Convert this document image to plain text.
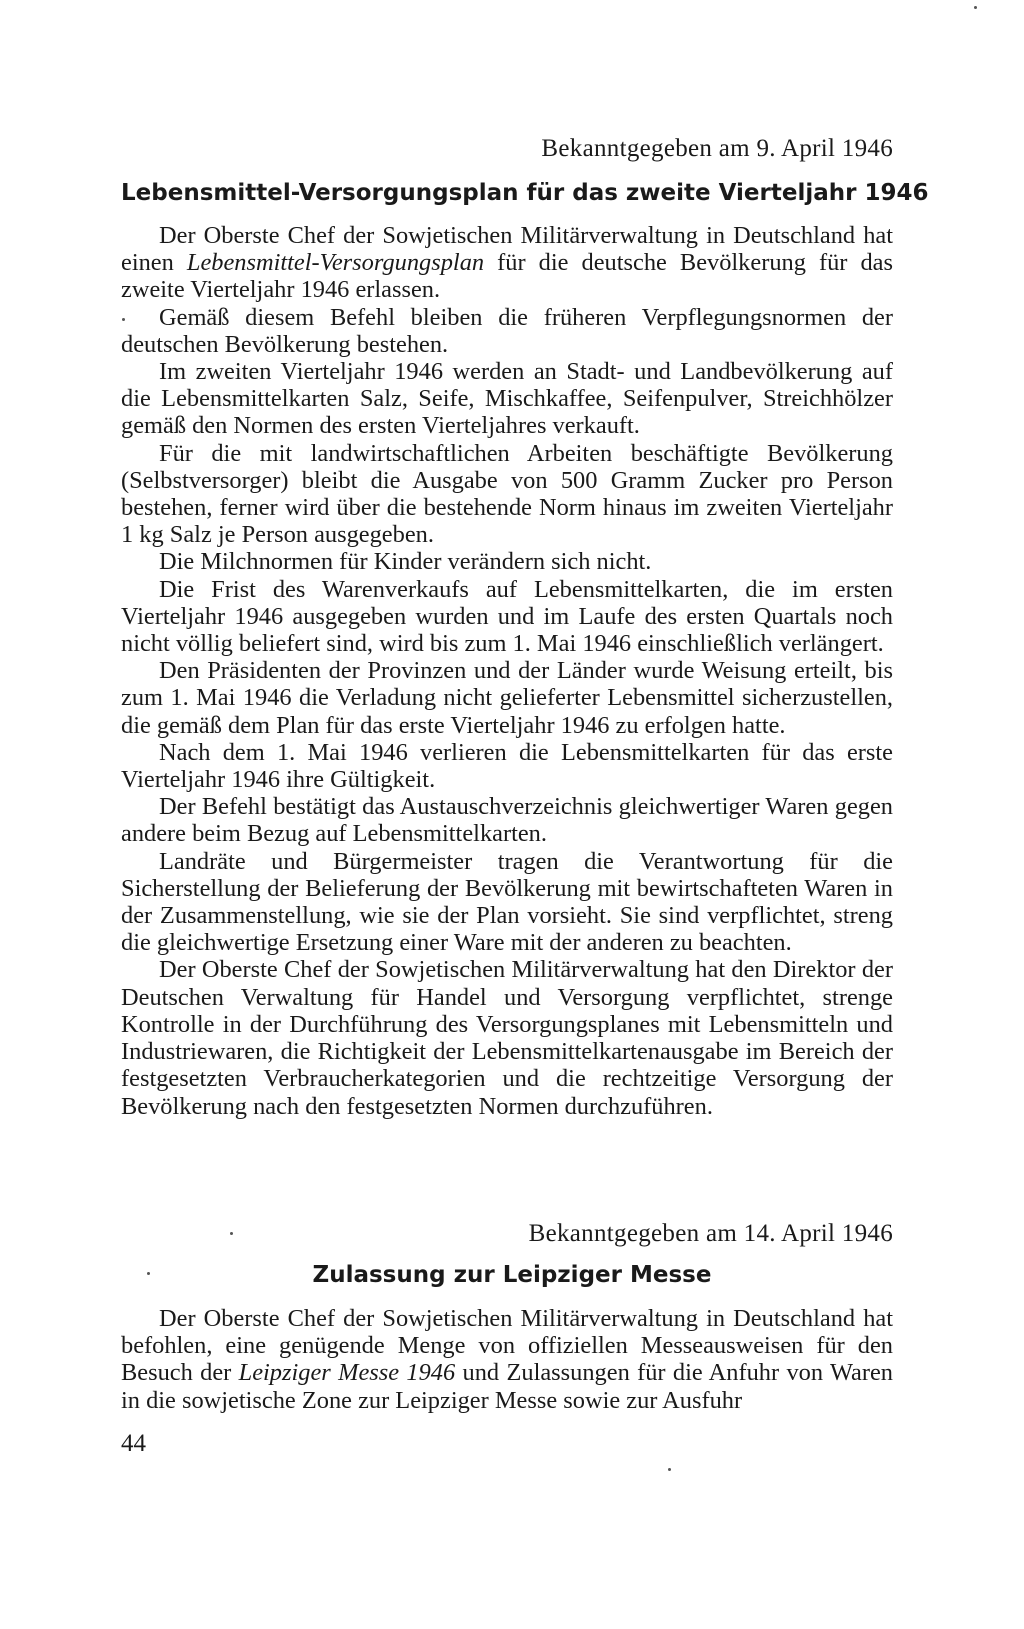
Bekanntgegeben am 9. April 1946
Lebensmittel-Versorgungsplan für das zweite Vierteljahr 1946

Der Oberste Chef der Sowjetischen Militärverwaltung in Deutschland hat einen Lebensmittel-Versorgungsplan für die deutsche Bevölkerung für das zweite Vierteljahr 1946 erlassen.

Gemäß diesem Befehl bleiben die früheren Verpflegungsnormen der deutschen Bevölkerung bestehen.

Im zweiten Vierteljahr 1946 werden an Stadt- und Landbevölkerung auf die Lebensmittelkarten Salz, Seife, Mischkaffee, Seifenpulver, Streichhölzer gemäß den Normen des ersten Vierteljahres verkauft.

Für die mit landwirtschaftlichen Arbeiten beschäftigte Bevölkerung (Selbstversorger) bleibt die Ausgabe von 500 Gramm Zucker pro Person bestehen, ferner wird über die bestehende Norm hinaus im zweiten Vierteljahr 1 kg Salz je Person ausgegeben.

Die Milchnormen für Kinder verändern sich nicht.

Die Frist des Warenverkaufs auf Lebensmittelkarten, die im ersten Vierteljahr 1946 ausgegeben wurden und im Laufe des ersten Quartals noch nicht völlig beliefert sind, wird bis zum 1. Mai 1946 einschließlich verlängert.

Den Präsidenten der Provinzen und der Länder wurde Weisung erteilt, bis zum 1. Mai 1946 die Verladung nicht gelieferter Lebensmittel sicherzustellen, die gemäß dem Plan für das erste Vierteljahr 1946 zu erfolgen hatte.

Nach dem 1. Mai 1946 verlieren die Lebensmittelkarten für das erste Vierteljahr 1946 ihre Gültigkeit.

Der Befehl bestätigt das Austauschverzeichnis gleichwertiger Waren gegen andere beim Bezug auf Lebensmittelkarten.

Landräte und Bürgermeister tragen die Verantwortung für die Sicherstellung der Belieferung der Bevölkerung mit bewirtschafteten Waren in der Zusammenstellung, wie sie der Plan vorsieht. Sie sind verpflichtet, streng die gleichwertige Ersetzung einer Ware mit der anderen zu beachten.

Der Oberste Chef der Sowjetischen Militärverwaltung hat den Direktor der Deutschen Verwaltung für Handel und Versorgung verpflichtet, strenge Kontrolle in der Durchführung des Versorgungsplanes mit Lebensmitteln und Industriewaren, die Richtigkeit der Lebensmittelkartenausgabe im Bereich der festgesetzten Verbraucherkategorien und die rechtzeitige Versorgung der Bevölkerung nach den festgesetzten Normen durchzuführen.

Bekanntgegeben am 14. April 1946
Zulassung zur Leipziger Messe

Der Oberste Chef der Sowjetischen Militärverwaltung in Deutschland hat befohlen, eine genügende Menge von offiziellen Messeausweisen für den Besuch der Leipziger Messe 1946 und Zulassungen für die Anfuhr von Waren in die sowjetische Zone zur Leipziger Messe sowie zur Ausfuhr

44
